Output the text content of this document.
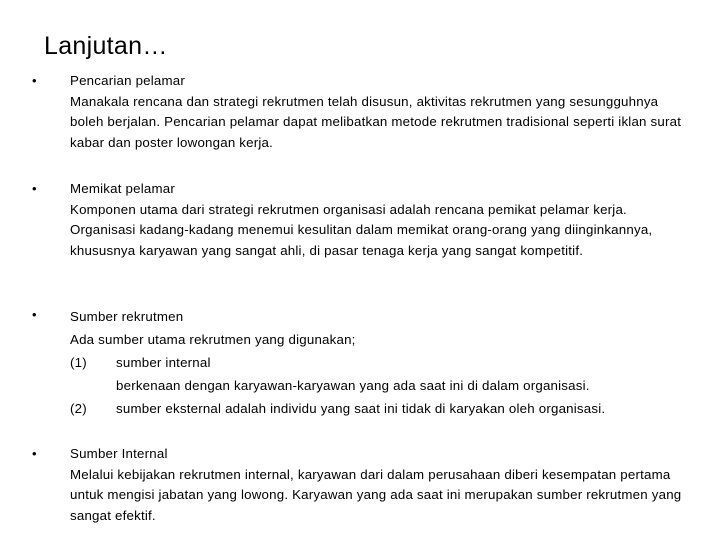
Lanjutan…
•	Pencarian pelamar

Manakala rencana dan strategi rekrutmen telah disusun, aktivitas rekrutmen yang sesungguhnya boleh berjalan. Pencarian pelamar dapat melibatkan metode rekrutmen tradisional seperti iklan surat kabar dan poster lowongan kerja.

•	Memikat pelamar

Komponen utama dari strategi rekrutmen organisasi adalah rencana pemikat pelamar kerja. Organisasi kadang-kadang menemui kesulitan dalam memikat orang-orang yang diinginkannya, khususnya karyawan yang sangat ahli, di pasar tenaga kerja yang sangat kompetitif.

•	Sumber rekrutmen

Ada sumber utama rekrutmen yang digunakan;

(1) sumber internal
berkenaan dengan karyawan-karyawan yang ada saat ini di dalam organisasi.
(2) sumber eksternal adalah individu yang saat ini tidak di karyakan oleh organisasi.
•	Sumber Internal

Melalui kebijakan rekrutmen internal, karyawan dari dalam perusahaan diberi kesempatan pertama untuk mengisi jabatan yang lowong. Karyawan yang ada saat ini merupakan sumber rekrutmen yang sangat efektif.
